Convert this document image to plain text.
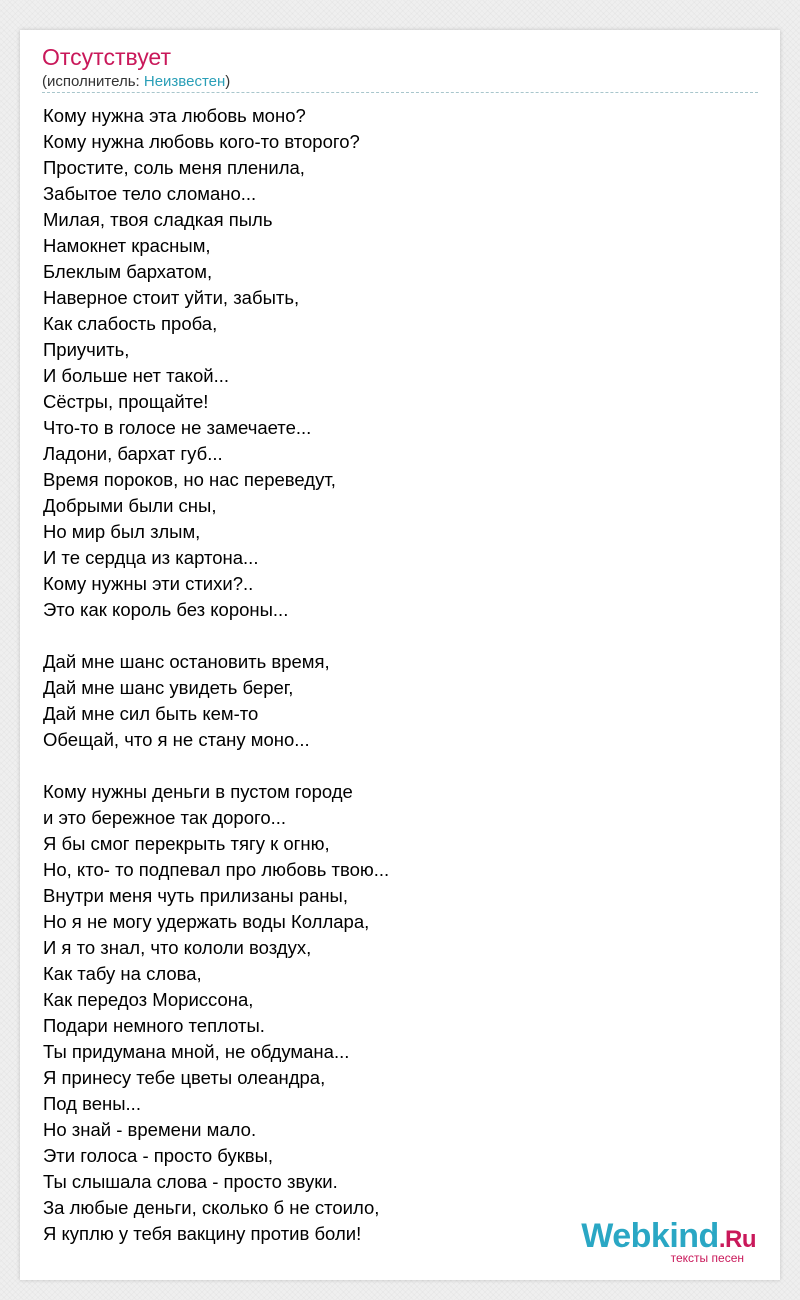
Отсутствует
(исполнитель: Неизвестен)
Кому нужна эта любовь моно?
Кому нужна любовь кого-то второго?
Простите, соль меня пленила,
Забытое тело сломано...
Милая, твоя сладкая пыль
Намокнет красным,
Блеклым бархатом,
Наверное стоит уйти, забыть,
Как слабость проба,
Приучить,
И больше нет такой...
Сёстры, прощайте!
Что-то в голосе не замечаете...
Ладони, бархат губ...
Время пороков, но нас переведут,
Добрыми были сны,
Но мир был злым,
И те сердца из картона...
Кому нужны эти стихи?..
Это как король без короны...
Дай мне шанс остановить время,
Дай мне шанс увидеть берег,
Дай мне сил быть кем-то
Обещай, что я не стану моно...
Кому нужны деньги в пустом городе
и это бережное так дорого...
Я бы смог перекрыть тягу к огню,
Но, кто- то подпевал про любовь твою...
Внутри меня чуть прилизаны раны,
Но я не могу удержать воды Коллара,
И я то знал, что кололи воздух,
Как табу на слова,
Как передоз Мориссона,
Подари немного теплоты.
Ты придумана мной, не обдумана...
Я принесу тебе цветы олеандра,
Под вены...
Но знай - времени мало.
Эти голоса - просто буквы,
Ты слышала слова - просто звуки.
За любые деньги, сколько б не стоило,
Я куплю у тебя вакцину против боли!	Webkind.Ru
тексты песен
